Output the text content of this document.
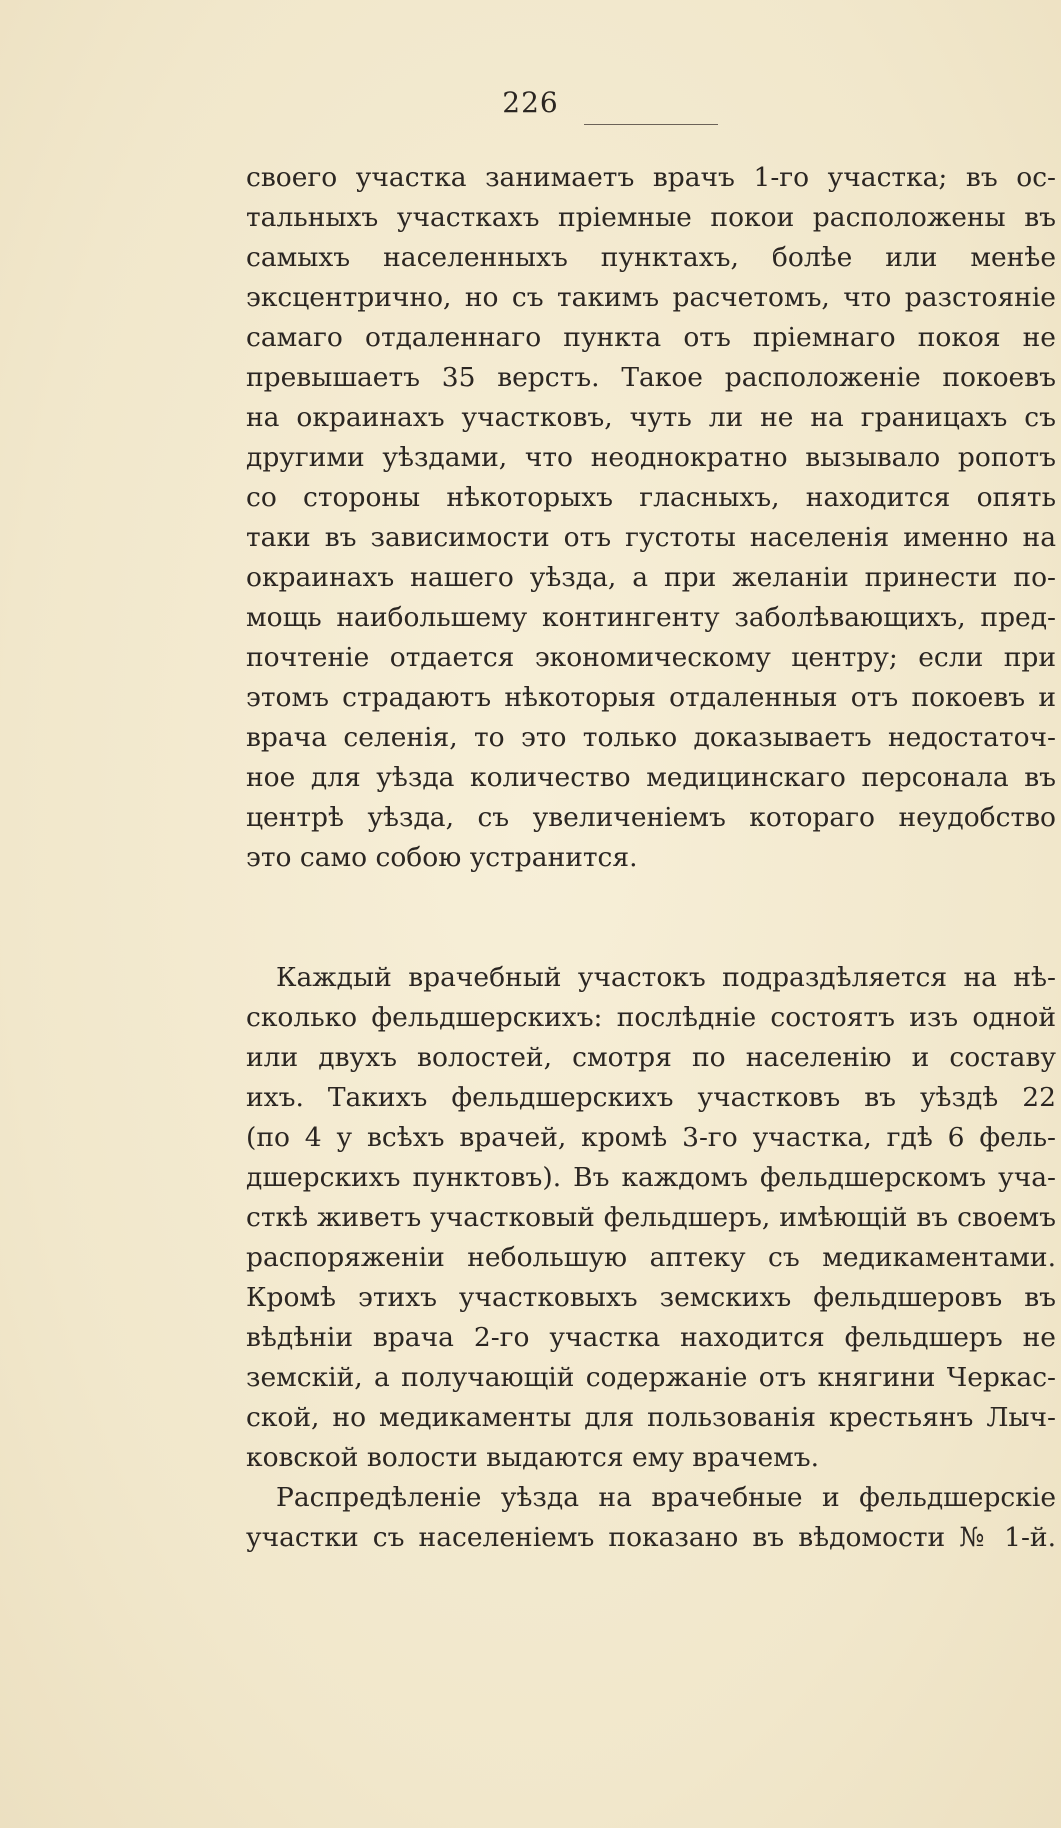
226
своего участка занимаетъ врачъ 1-го участка; въ ос-
тальныхъ участкахъ пріемные покои расположены въ
самыхъ населенныхъ пунктахъ, болѣе или менѣе
эксцентрично, но съ такимъ расчетомъ, что разстояніе
самаго отдаленнаго пункта отъ пріемнаго покоя не
превышаетъ 35 верстъ. Такое расположеніе покоевъ
на окраинахъ участковъ, чуть ли не на границахъ съ
другими уѣздами, что неоднократно вызывало ропотъ
со стороны нѣкоторыхъ гласныхъ, находится опять
таки въ зависимости отъ густоты населенія именно на
окраинахъ нашего уѣзда, а при желаніи принести по-
мощь наибольшему контингенту заболѣвающихъ, пред-
почтеніе отдается экономическому центру; если при
этомъ страдаютъ нѣкоторыя отдаленныя отъ покоевъ и
врача селенія, то это только доказываетъ недостаточ-
ное для уѣзда количество медицинскаго персонала въ
центрѣ уѣзда, съ увеличеніемъ котораго неудобство
это само собою устранится.
Каждый врачебный участокъ подраздѣляется на нѣ-
сколько фельдшерскихъ: послѣдніе состоятъ изъ одной
или двухъ волостей, смотря по населенію и составу
ихъ. Такихъ фельдшерскихъ участковъ въ уѣздѣ 22
(по 4 у всѣхъ врачей, кромѣ 3-го участка, гдѣ 6 фель-
дшерскихъ пунктовъ). Въ каждомъ фельдшерскомъ уча-
сткѣ живетъ участковый фельдшеръ, имѣющій въ своемъ
распоряженіи небольшую аптеку съ медикаментами.
Кромѣ этихъ участковыхъ земскихъ фельдшеровъ въ
вѣдѣніи врача 2-го участка находится фельдшеръ не
земскій, а получающій содержаніе отъ княгини Черкас-
ской, но медикаменты для пользованія крестьянъ Лыч-
ковской волости выдаются ему врачемъ.
Распредѣленіе уѣзда на врачебные и фельдшерскіе
участки съ населеніемъ показано въ вѣдомости № 1-й.
